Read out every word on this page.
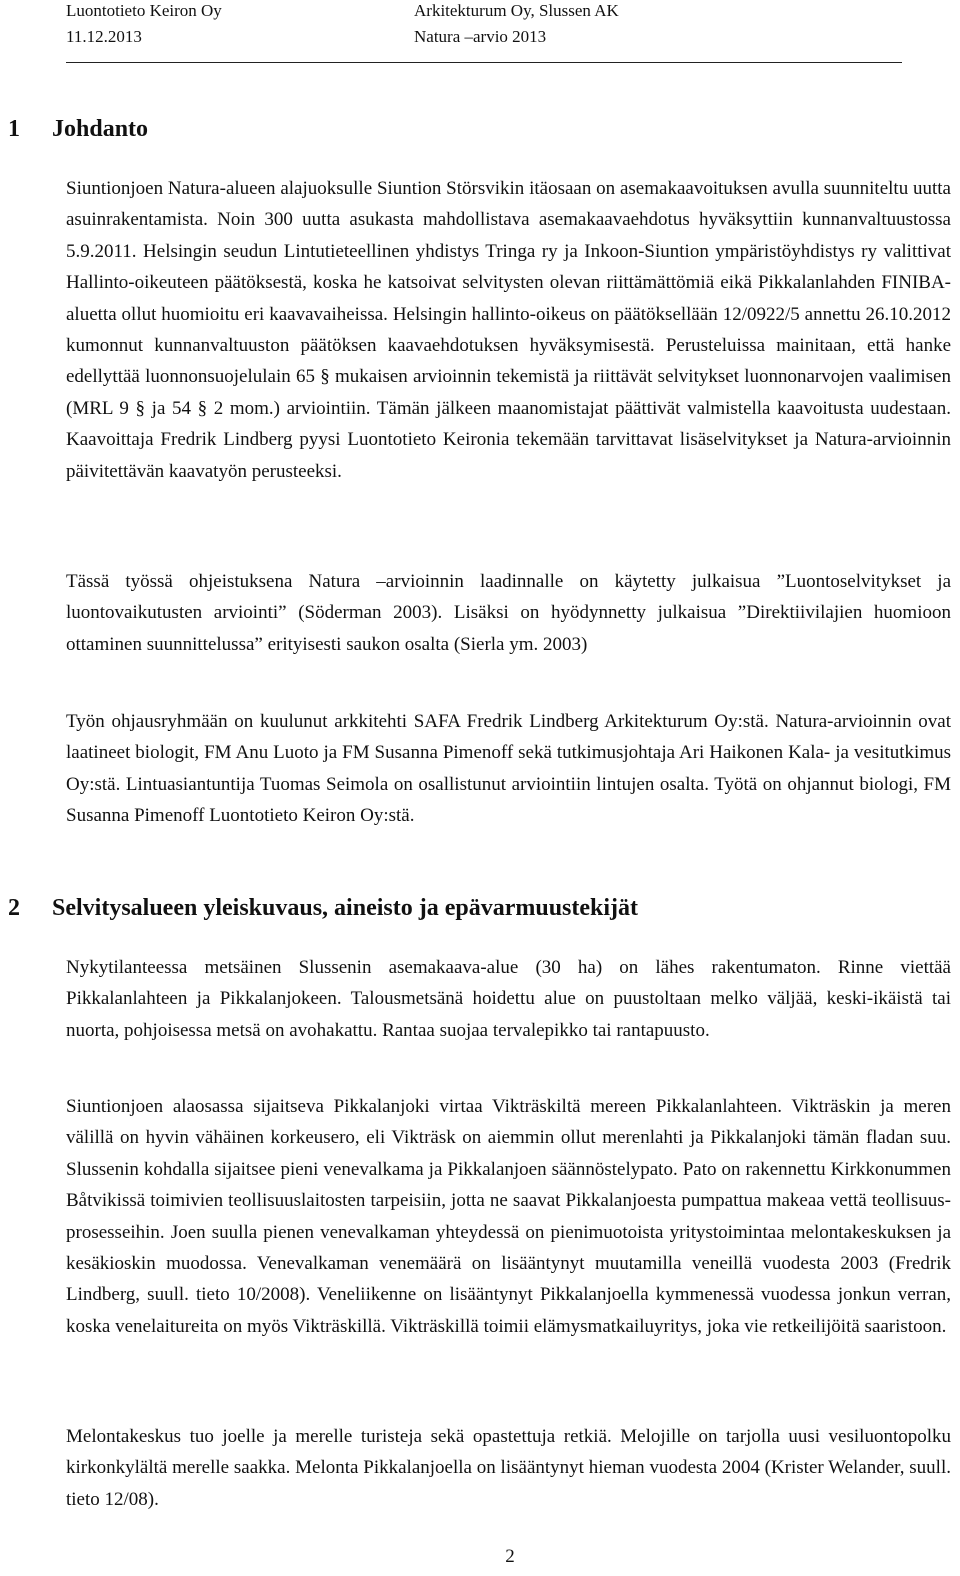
Luontotieto Keiron Oy
11.12.2013
Arkitekturum Oy, Slussen AK
Natura –arvio 2013
1 Johdanto

Siuntionjoen Natura-alueen alajuoksulle Siuntion Störsvikin itäosaan on asemakaavoituksen avulla suunniteltu uutta asuinrakentamista. Noin 300 uutta asukasta mahdollistava asemakaavaehdotus hyväksyttiin kunnanvaltuustossa 5.9.2011. Helsingin seudun Lintutieteellinen yhdistys Tringa ry ja Inkoon-Siuntion ympäristöyhdistys ry valittivat Hallinto-oikeuteen päätöksestä, koska he katsoivat selvitysten olevan riittämättömiä eikä Pikkalanlahden FINIBA-aluetta ollut huomioitu eri kaavavaiheissa. Helsingin hallinto-oikeus on päätöksellään 12/0922/5 annettu 26.10.2012 kumonnut kunnanvaltuuston päätöksen kaavaehdotuksen hyväksymisestä. Perusteluissa mainitaan, että hanke edellyttää luonnonsuojelulain 65 § mukaisen arvioinnin tekemistä ja riittävät selvitykset luonnonarvojen vaalimisen (MRL 9 § ja 54 § 2 mom.) arviointiin. Tämän jälkeen maanomistajat päättivät valmistella kaavoitusta uudestaan. Kaavoittaja Fredrik Lindberg pyysi Luontotieto Keironia tekemään tarvittavat lisäselvitykset ja Natura-arvioinnin päivitettävän kaavatyön perusteeksi.

Tässä työssä ohjeistuksena Natura –arvioinnin laadinnalle on käytetty julkaisua ”Luontoselvitykset ja luontovaikutusten arviointi” (Söderman 2003). Lisäksi on hyödynnetty julkaisua ”Direktiivilajien huomioon ottaminen suunnittelussa” erityisesti saukon osalta (Sierla ym. 2003)

Työn ohjausryhmään on kuulunut arkkitehti SAFA Fredrik Lindberg Arkitekturum Oy:stä. Natura-arvioinnin ovat laatineet biologit, FM Anu Luoto ja FM Susanna Pimenoff sekä tutkimusjohtaja Ari Haikonen Kala- ja vesitutkimus Oy:stä. Lintuasiantuntija Tuomas Seimola on osallistunut arviointiin lintujen osalta. Työtä on ohjannut biologi, FM Susanna Pimenoff Luontotieto Keiron Oy:stä.

2 Selvitysalueen yleiskuvaus, aineisto ja epävarmuustekijät

Nykytilanteessa metsäinen Slussenin asemakaava-alue (30 ha) on lähes rakentumaton. Rinne viettää Pikkalanlahteen ja Pikkalanjokeen. Talousmetsänä hoidettu alue on puustoltaan melko väljää, keski-ikäistä tai nuorta, pohjoisessa metsä on avohakattu. Rantaa suojaa tervalepikko tai rantapuusto.

Siuntionjoen alaosassa sijaitseva Pikkalanjoki virtaa Vikträskiltä mereen Pikkalanlahteen. Vikträskin ja meren välillä on hyvin vähäinen korkeusero, eli Vikträsk on aiemmin ollut merenlahti ja Pikkalanjoki tämän fladan suu. Slussenin kohdalla sijaitsee pieni venevalkama ja Pikkalanjoen säännöstelypato. Pato on rakennettu Kirkkonummen Båtvikissä toimivien teollisuuslaitosten tarpeisiin, jotta ne saavat Pikkalanjoesta pumpattua makeaa vettä teollisuusprosesseihin. Joen suulla pienen venevalkaman yhteydessä on pienimuotoista yritystoimintaa melontakeskuksen ja kesäkioskin muodossa. Venevalkaman venemäärä on lisääntynyt muutamilla veneillä vuodesta 2003 (Fredrik Lindberg, suull. tieto 10/2008). Veneliikenne on lisääntynyt Pikkalanjoella kymmenessä vuodessa jonkun verran, koska venelaitureita on myös Vikträskillä. Vikträskillä toimii elämysmatkailuyritys, joka vie retkeilijöitä saaristoon.

Melontakeskus tuo joelle ja merelle turisteja sekä opastettuja retkiä. Melojille on tarjolla uusi vesiluontopolku kirkonkylältä merelle saakka. Melonta Pikkalanjoella on lisääntynyt hieman vuodesta 2004 (Krister Welander, suull. tieto 12/08).

2
